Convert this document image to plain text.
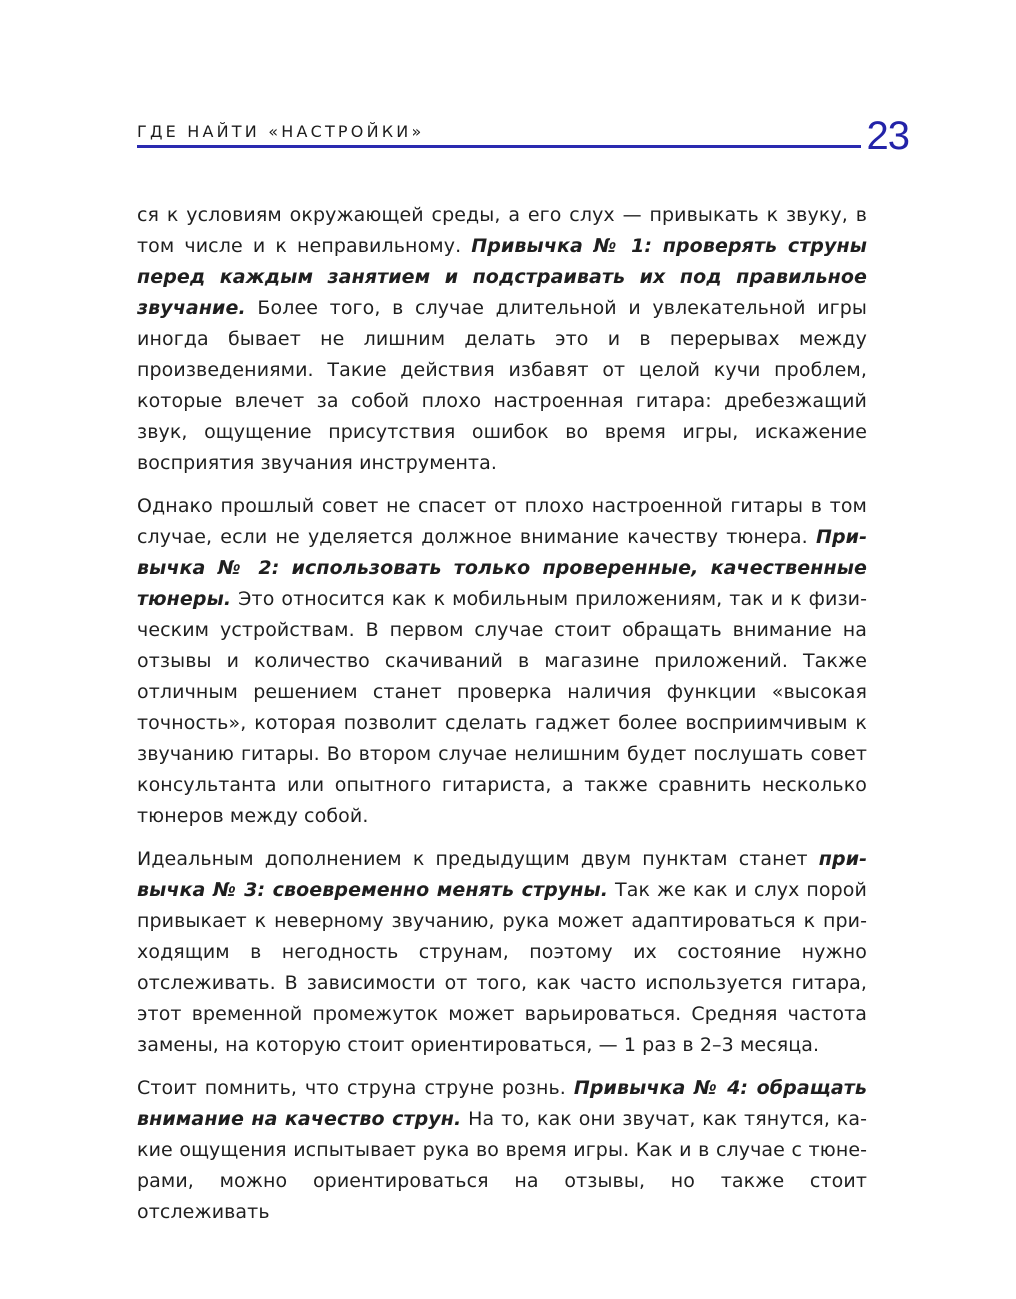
ГДЕ НАЙТИ «НАСТРОЙКИ»	23

ся к условиям окружающей среды, а его слух — привыкать к звуку, в том числе и к неправильному. Привычка № 1: проверять струны перед каждым занятием и подстраивать их под правильное звучание. Более того, в случае длительной и увлекательной игры иногда бывает не лишним делать это и в перерывах между произведениями. Такие действия избавят от целой кучи проблем, которые влечет за собой плохо настроенная гитара: дребезжащий звук, ощущение присутствия ошибок во время игры, искажение восприятия звучания инструмента.

Однако прошлый совет не спасет от плохо настроенной гитары в том случае, если не уделяется должное внимание качеству тюнера. Привычка № 2: использовать только проверенные, качественные тюнеры. Это относится как к мобильным приложениям, так и к физическим устройствам. В первом случае стоит обращать внимание на отзывы и количество скачиваний в магазине приложений. Также отличным решением станет проверка наличия функции «высокая точность», которая позволит сделать гаджет более восприимчивым к звучанию гитары. Во втором случае нелишним будет послушать совет консультанта или опытного гитариста, а также сравнить несколько тюнеров между собой.

Идеальным дополнением к предыдущим двум пунктам станет привычка № 3: своевременно менять струны. Так же как и слух порой привыкает к неверному звучанию, рука может адаптироваться к приходящим в негодность струнам, поэтому их состояние нужно отслеживать. В зависимости от того, как часто используется гитара, этот временной промежуток может варьироваться. Средняя частота замены, на которую стоит ориентироваться, — 1 раз в 2–3 месяца.

Стоит помнить, что струна струне рознь. Привычка № 4: обращать внимание на качество струн. На то, как они звучат, как тянутся, какие ощущения испытывает рука во время игры. Как и в случае с тюнерами, можно ориентироваться на отзывы, но также стоит отслеживать
